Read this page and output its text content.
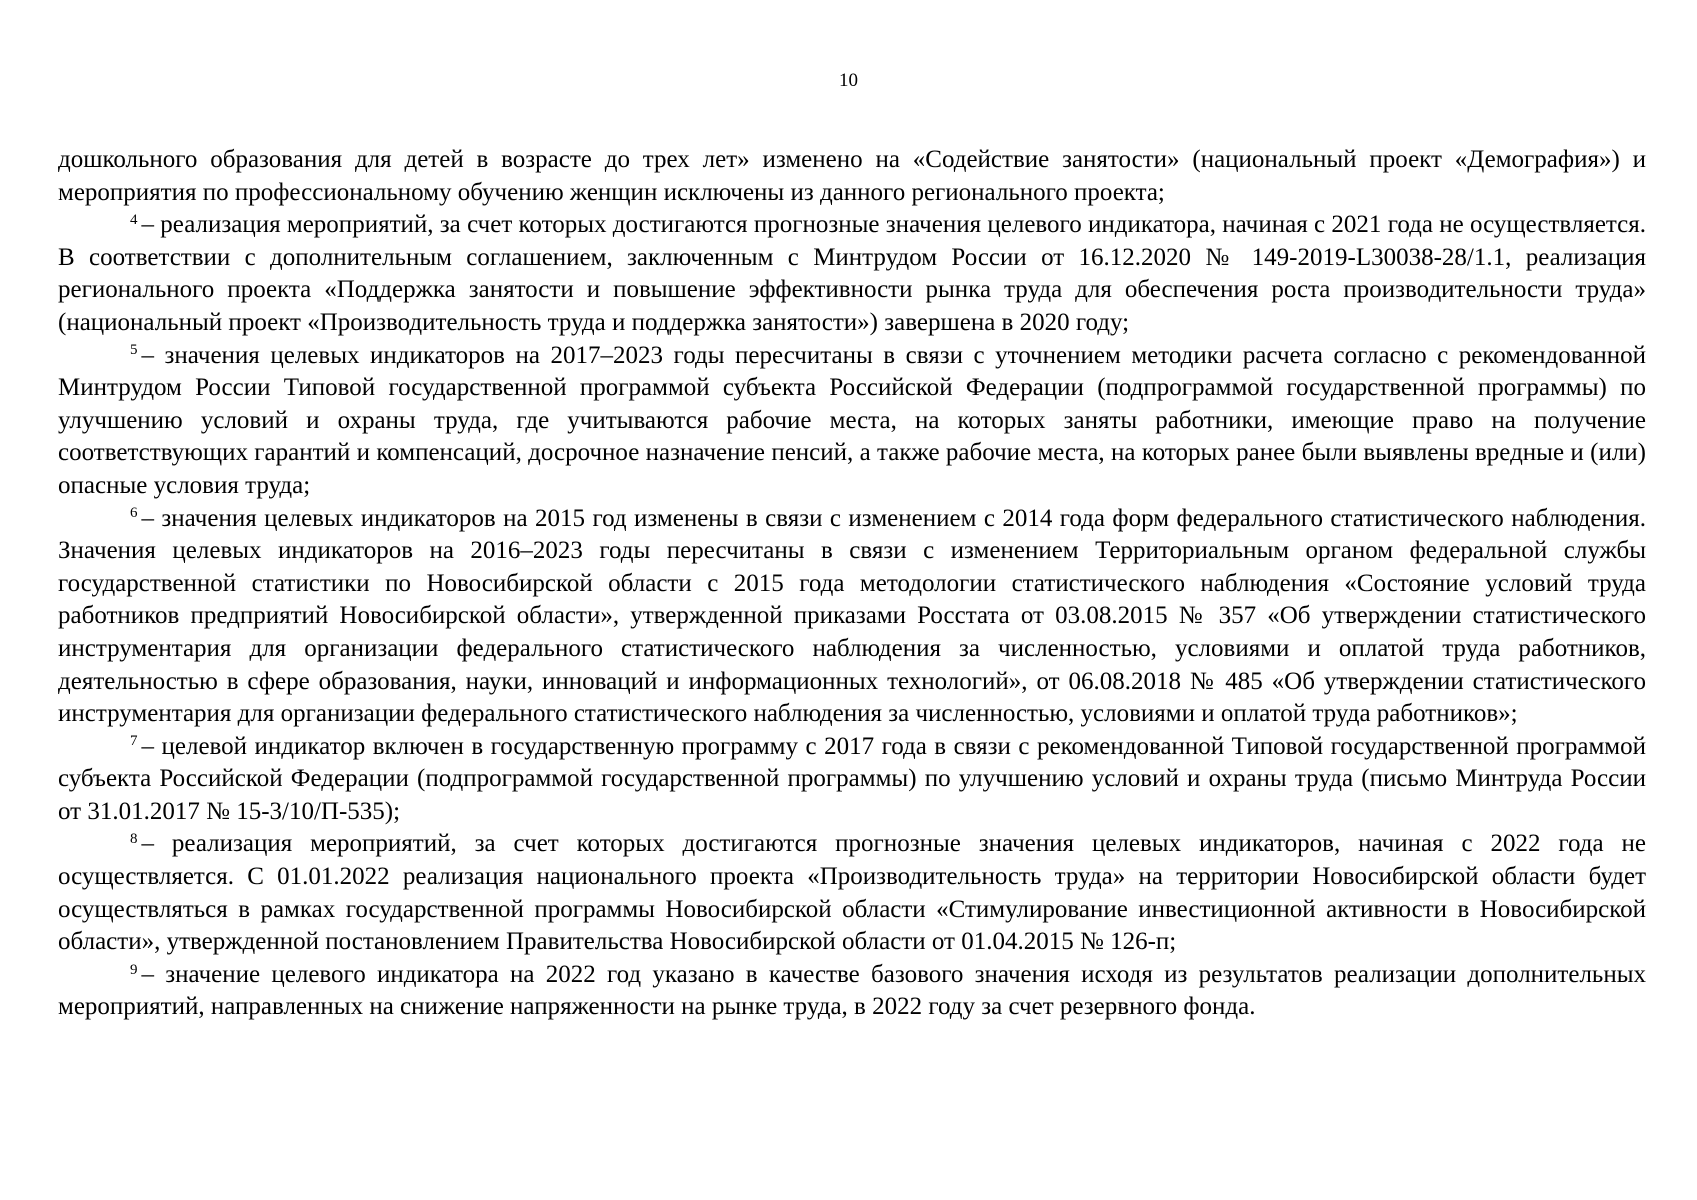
10

дошкольного образования для детей в возрасте до трех лет» изменено на «Содействие занятости» (национальный проект «Демография») и мероприятия по профессиональному обучению женщин исключены из данного регионального проекта;

$^4$ – реализация мероприятий, за счет которых достигаются прогнозные значения целевого индикатора, начиная с 2021 года не осуществляется. В соответствии с дополнительным соглашением, заключенным с Минтрудом России от 16.12.2020 № 149-2019-L30038-28/1.1, реализация регионального проекта «Поддержка занятости и повышение эффективности рынка труда для обеспечения роста производительности труда» (национальный проект «Производительность труда и поддержка занятости») завершена в 2020 году;

$^5$ – значения целевых индикаторов на 2017–2023 годы пересчитаны в связи с уточнением методики расчета согласно с рекомендованной Минтрудом России Типовой государственной программой субъекта Российской Федерации (подпрограммой государственной программы) по улучшению условий и охраны труда, где учитываются рабочие места, на которых заняты работники, имеющие право на получение соответствующих гарантий и компенсаций, досрочное назначение пенсий, а также рабочие места, на которых ранее были выявлены вредные и (или) опасные условия труда;

$^6$ – значения целевых индикаторов на 2015 год изменены в связи с изменением с 2014 года форм федерального статистического наблюдения. Значения целевых индикаторов на 2016–2023 годы пересчитаны в связи с изменением Территориальным органом федеральной службы государственной статистики по Новосибирской области с 2015 года методологии статистического наблюдения «Состояние условий труда работников предприятий Новосибирской области», утвержденной приказами Росстата от 03.08.2015 № 357 «Об утверждении статистического инструментария для организации федерального статистического наблюдения за численностью, условиями и оплатой труда работников, деятельностью в сфере образования, науки, инноваций и информационных технологий», от 06.08.2018 № 485 «Об утверждении статистического инструментария для организации федерального статистического наблюдения за численностью, условиями и оплатой труда работников»;

$^7$ – целевой индикатор включен в государственную программу с 2017 года в связи с рекомендованной Типовой государственной программой субъекта Российской Федерации (подпрограммой государственной программы) по улучшению условий и охраны труда (письмо Минтруда России от 31.01.2017 № 15-3/10/П-535);

$^8$ – реализация мероприятий, за счет которых достигаются прогнозные значения целевых индикаторов, начиная с 2022 года не осуществляется. С 01.01.2022 реализация национального проекта «Производительность труда» на территории Новосибирской области будет осуществляться в рамках государственной программы Новосибирской области «Стимулирование инвестиционной активности в Новосибирской области», утвержденной постановлением Правительства Новосибирской области от 01.04.2015 № 126-п;

$^9$ – значение целевого индикатора на 2022 год указано в качестве базового значения исходя из результатов реализации дополнительных мероприятий, направленных на снижение напряженности на рынке труда, в 2022 году за счет резервного фонда.
